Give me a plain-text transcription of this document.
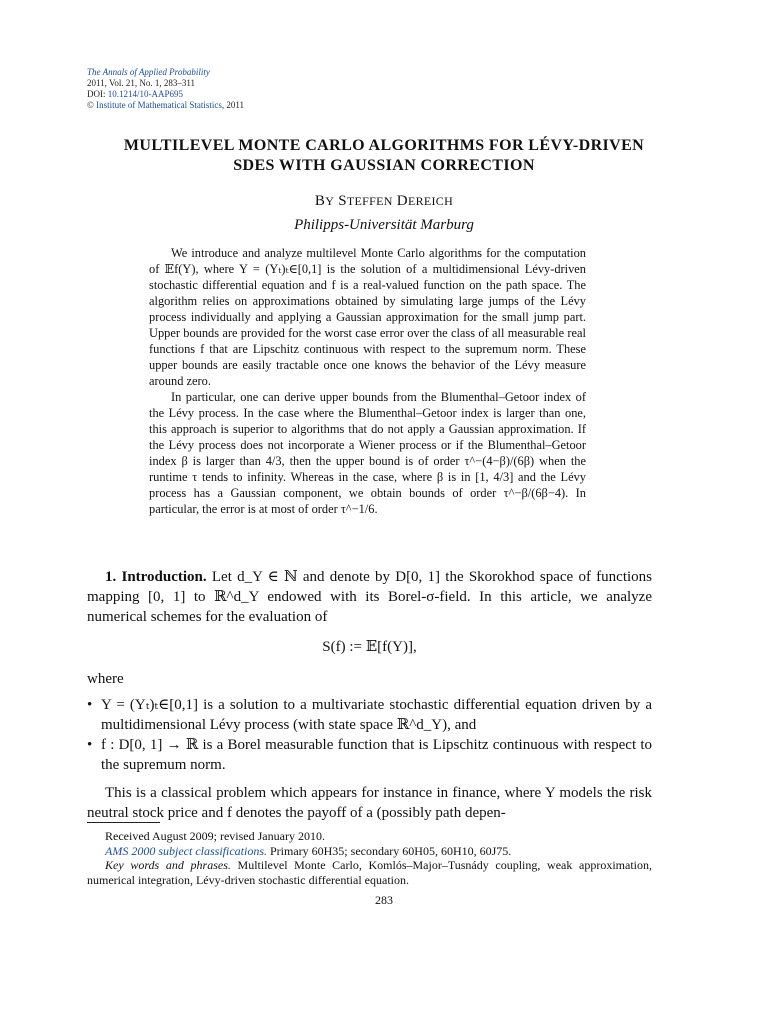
The Annals of Applied Probability
2011, Vol. 21, No. 1, 283–311
DOI: 10.1214/10-AAP695
© Institute of Mathematical Statistics, 2011
MULTILEVEL MONTE CARLO ALGORITHMS FOR LÉVY-DRIVEN
SDES WITH GAUSSIAN CORRECTION
BY STEFFEN DEREICH
Philipps-Universität Marburg

We introduce and analyze multilevel Monte Carlo algorithms for the computation of 𝔼f(Y), where Y = (Yₜ)ₜ∈[0,1] is the solution of a multidimensional Lévy-driven stochastic differential equation and f is a real-valued function on the path space. The algorithm relies on approximations obtained by simulating large jumps of the Lévy process individually and applying a Gaussian approximation for the small jump part. Upper bounds are provided for the worst case error over the class of all measurable real functions f that are Lipschitz continuous with respect to the supremum norm. These upper bounds are easily tractable once one knows the behavior of the Lévy measure around zero.

In particular, one can derive upper bounds from the Blumenthal–Getoor index of the Lévy process. In the case where the Blumenthal–Getoor index is larger than one, this approach is superior to algorithms that do not apply a Gaussian approximation. If the Lévy process does not incorporate a Wiener process or if the Blumenthal–Getoor index β is larger than 4/3, then the upper bound is of order τ^−(4−β)/(6β) when the runtime τ tends to infinity. Whereas in the case, where β is in [1, 4/3] and the Lévy process has a Gaussian component, we obtain bounds of order τ^−β/(6β−4). In particular, the error is at most of order τ^−1/6.

1. Introduction. Let d_Y ∈ ℕ and denote by D[0, 1] the Skorokhod space of functions mapping [0, 1] to ℝ^d_Y endowed with its Borel-σ-field. In this article, we analyze numerical schemes for the evaluation of

S(f) := 𝔼[f(Y)],

where

• Y = (Yₜ)ₜ∈[0,1] is a solution to a multivariate stochastic differential equation driven by a multidimensional Lévy process (with state space ℝ^d_Y), and
• f : D[0, 1] → ℝ is a Borel measurable function that is Lipschitz continuous with respect to the supremum norm.

This is a classical problem which appears for instance in finance, where Y models the risk neutral stock price and f denotes the payoff of a (possibly path depen-

Received August 2009; revised January 2010.

AMS 2000 subject classifications. Primary 60H35; secondary 60H05, 60H10, 60J75.

Key words and phrases. Multilevel Monte Carlo, Komlós–Major–Tusnády coupling, weak approximation, numerical integration, Lévy-driven stochastic differential equation.

283
